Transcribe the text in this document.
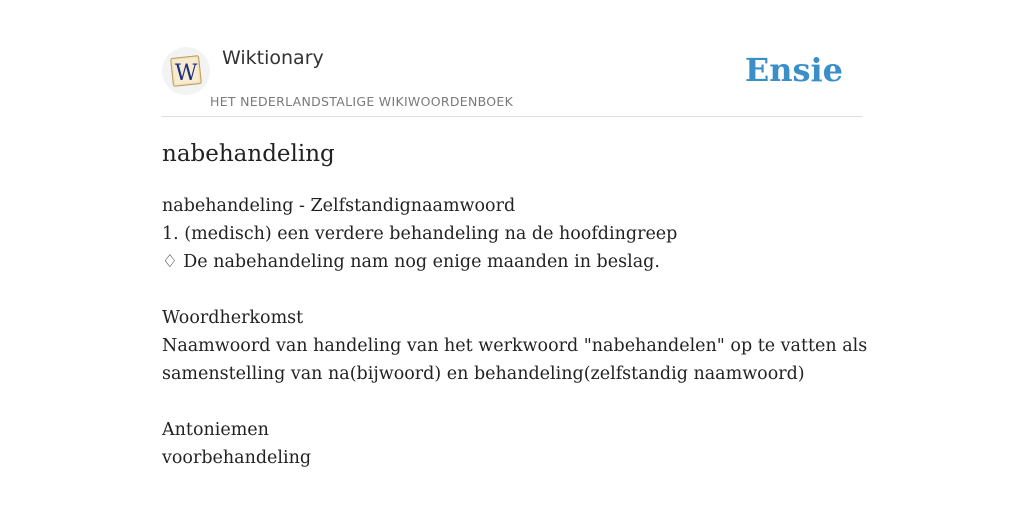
W
Wiktionary
HET NEDERLANDSTALIGE WIKIWOORDENBOEK
Ensie
nabehandeling
nabehandeling - Zelfstandignaamwoord
1. (medisch) een verdere behandeling na de hoofdingreep
♢ De nabehandeling nam nog enige maanden in beslag.
Woordherkomst
Naamwoord van handeling van het werkwoord "nabehandelen" op te vatten als
samenstelling van na(bijwoord) en behandeling(zelfstandig naamwoord)
Antoniemen
voorbehandeling
